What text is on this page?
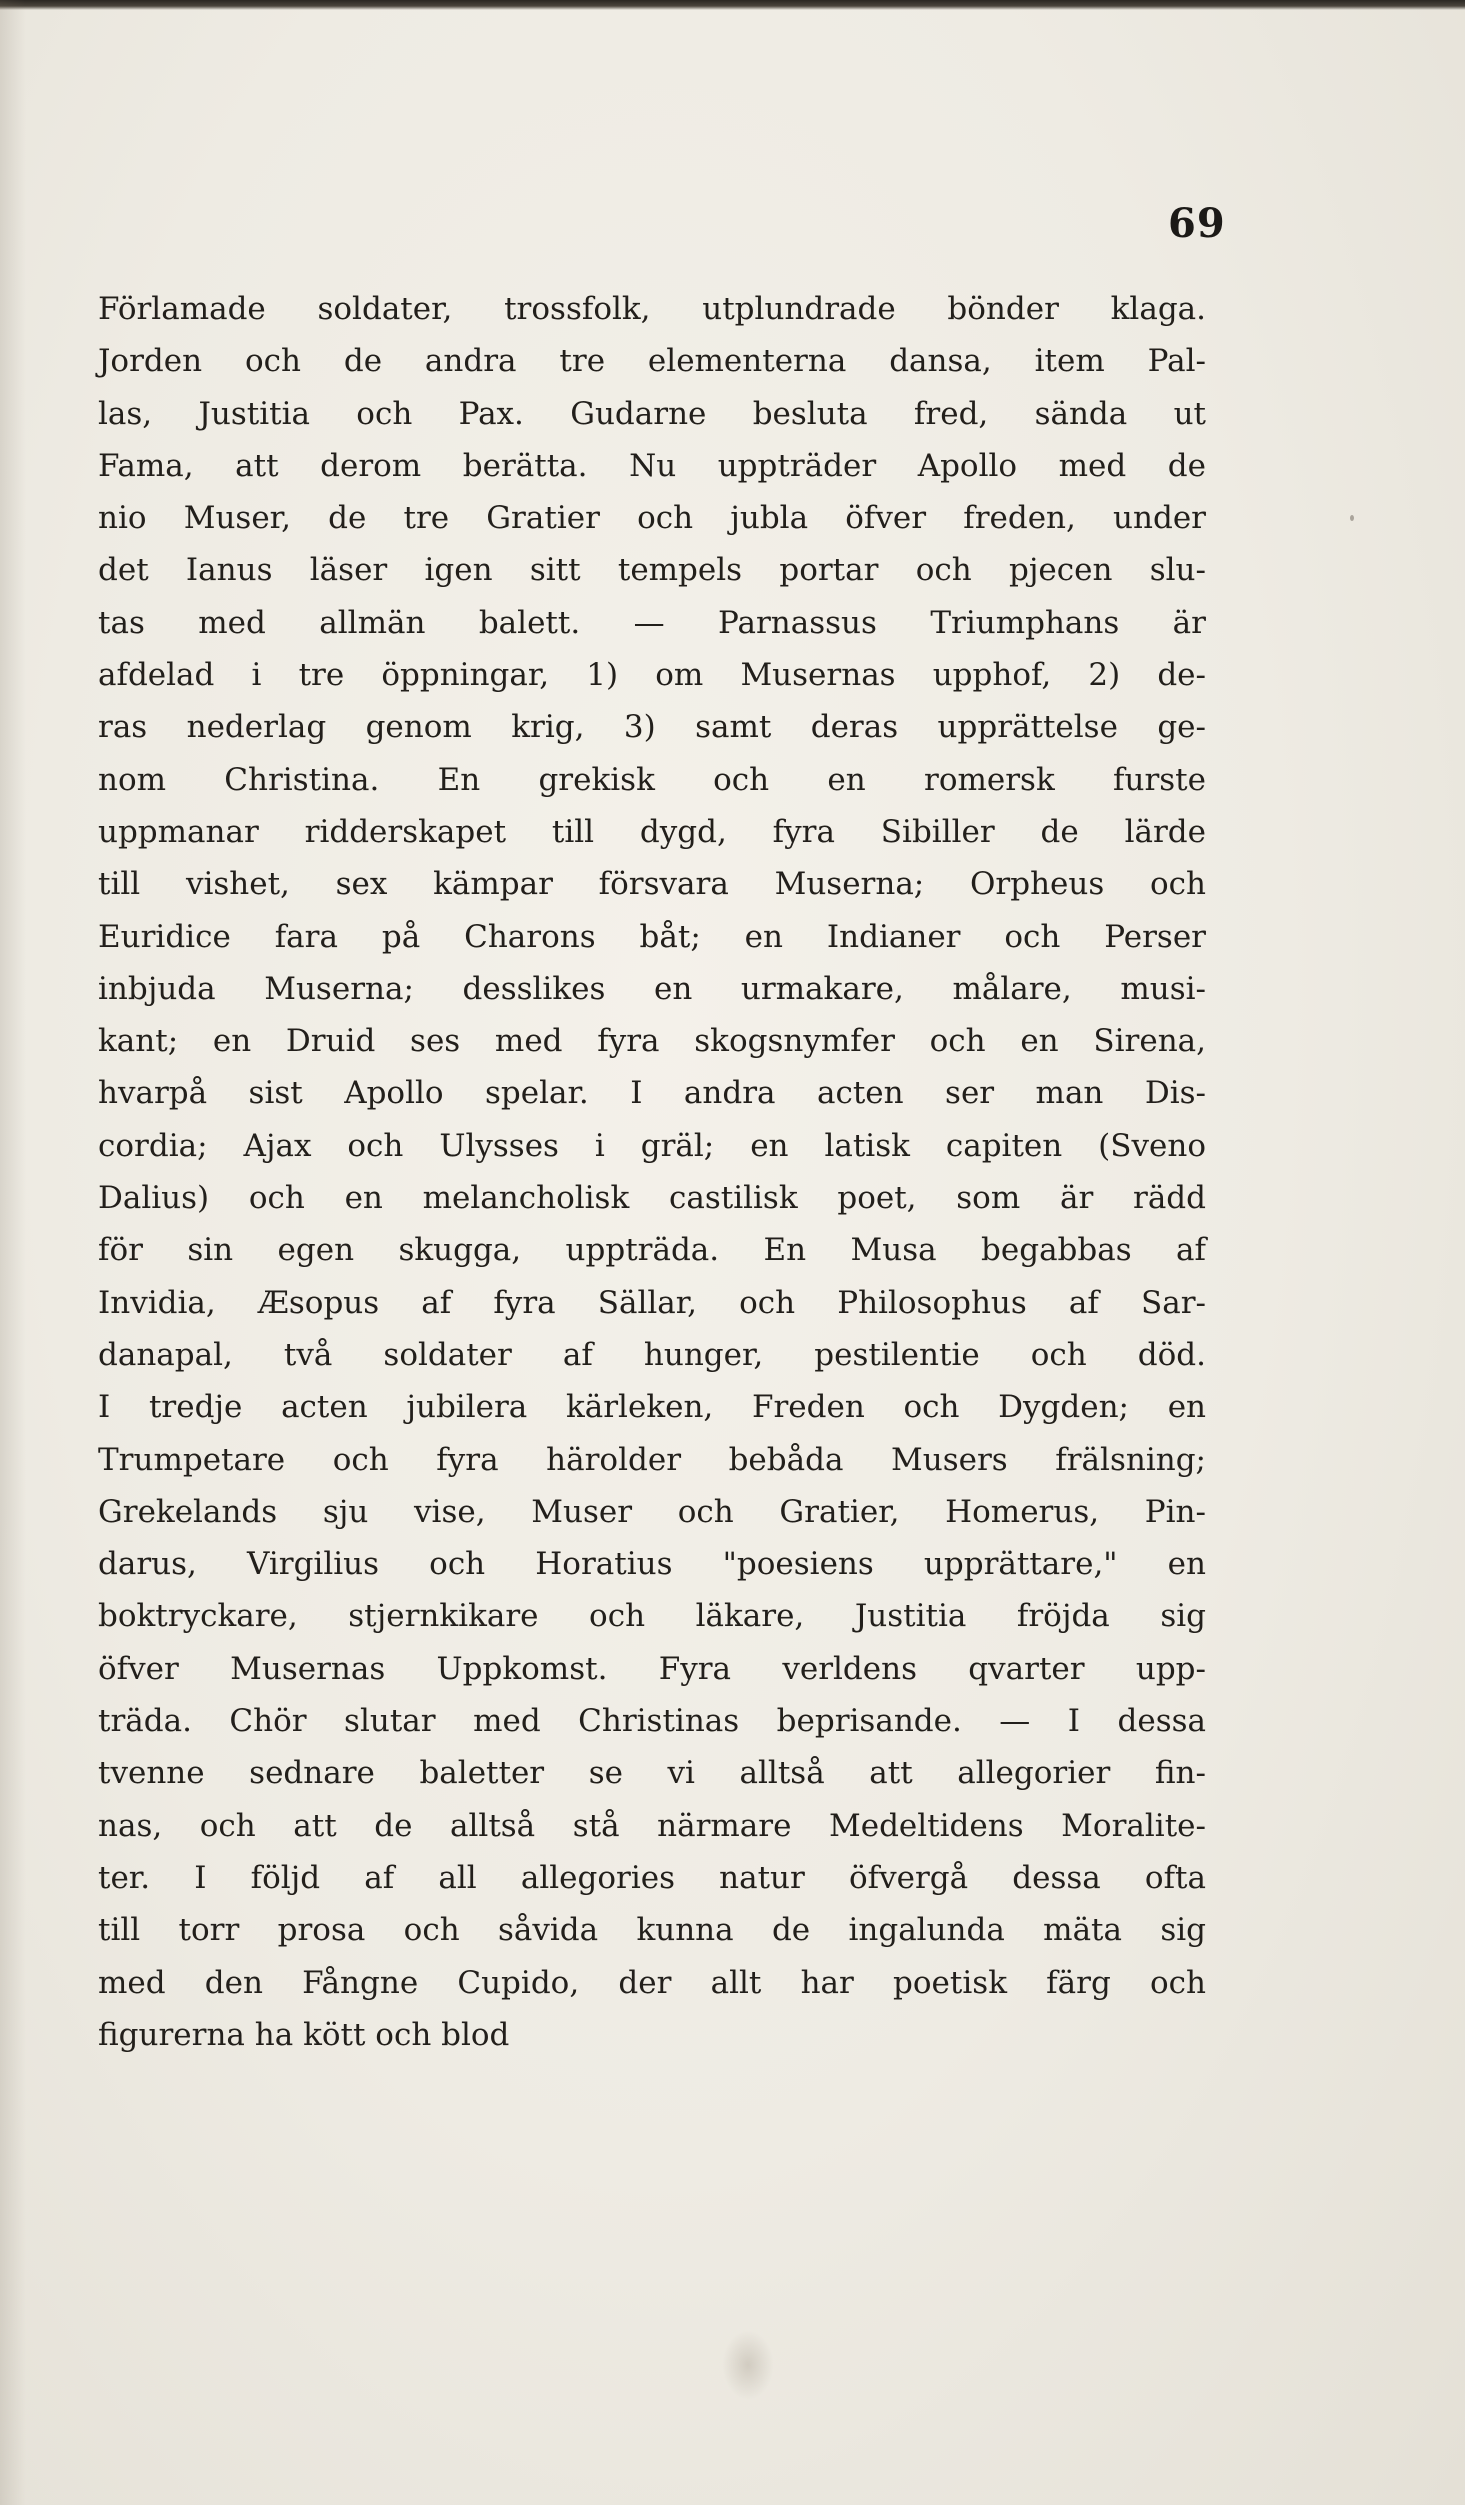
69
Förlamade soldater, trossfolk, utplundrade bönder klaga.
Jorden och de andra tre elementerna dansa, item Pal-
las, Justitia och Pax. Gudarne besluta fred, sända ut
Fama, att derom berätta. Nu uppträder Apollo med de
nio Muser, de tre Gratier och jubla öfver freden, under
det Ianus läser igen sitt tempels portar och pjecen slu-
tas med allmän balett. — Parnassus Triumphans är
afdelad i tre öppningar, 1) om Musernas upphof, 2) de-
ras nederlag genom krig, 3) samt deras upprättelse ge-
nom Christina. En grekisk och en romersk furste
uppmanar ridderskapet till dygd, fyra Sibiller de lärde
till vishet, sex kämpar försvara Muserna; Orpheus och
Euridice fara på Charons båt; en Indianer och Perser
inbjuda Muserna; desslikes en urmakare, målare, musi-
kant; en Druid ses med fyra skogsnymfer och en Sirena,
hvarpå sist Apollo spelar. I andra acten ser man Dis-
cordia; Ajax och Ulysses i gräl; en latisk capiten (Sveno
Dalius) och en melancholisk castilisk poet, som är rädd
för sin egen skugga, uppträda. En Musa begabbas af
Invidia, Æsopus af fyra Sällar, och Philosophus af Sar-
danapal, två soldater af hunger, pestilentie och död.
I tredje acten jubilera kärleken, Freden och Dygden; en
Trumpetare och fyra härolder bebåda Musers frälsning;
Grekelands sju vise, Muser och Gratier, Homerus, Pin-
darus, Virgilius och Horatius "poesiens upprättare," en
boktryckare, stjernkikare och läkare, Justitia fröjda sig
öfver Musernas Uppkomst. Fyra verldens qvarter upp-
träda. Chör slutar med Christinas beprisande. — I dessa
tvenne sednare baletter se vi alltså att allegorier fin-
nas, och att de alltså stå närmare Medeltidens Moralite-
ter. I följd af all allegories natur öfvergå dessa ofta
till torr prosa och såvida kunna de ingalunda mäta sig
med den Fångne Cupido, der allt har poetisk färg och
figurerna ha kött och blod
